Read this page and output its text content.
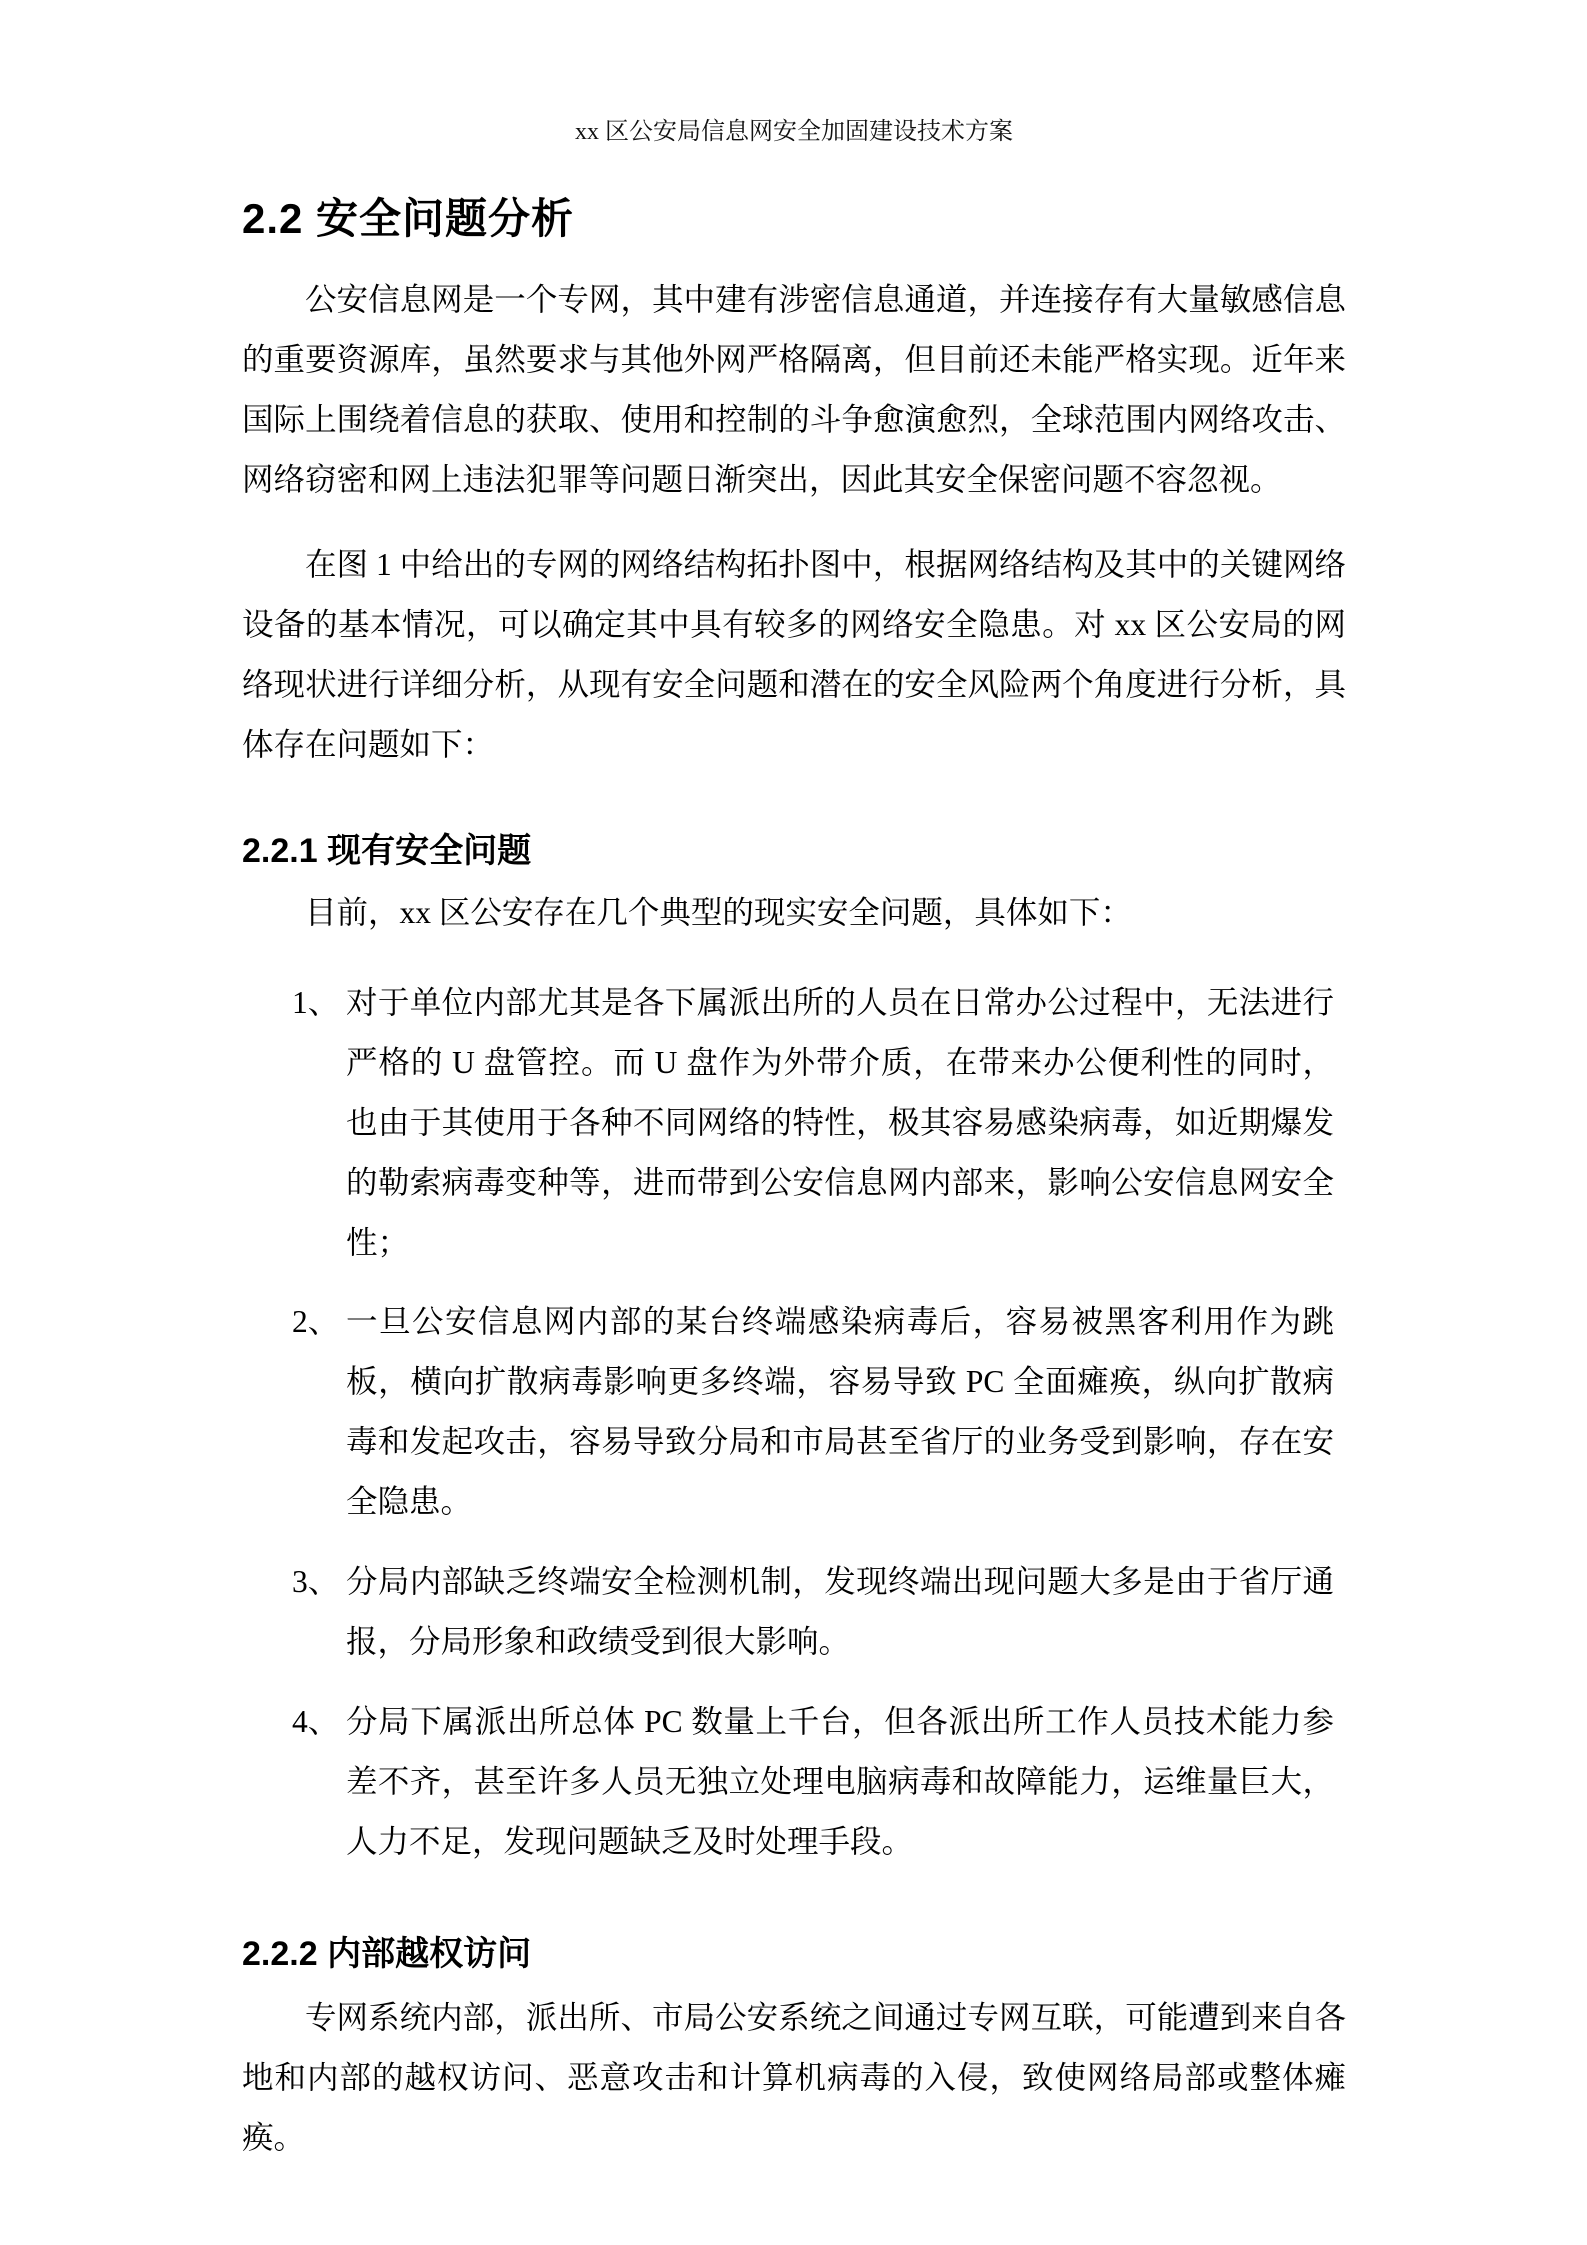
xx 区公安局信息网安全加固建设技术方案
2.2 安全问题分析

公安信息网是一个专网，其中建有涉密信息通道，并连接存有大量敏感信息的重要资源库，虽然要求与其他外网严格隔离，但目前还未能严格实现。近年来国际上围绕着信息的获取、使用和控制的斗争愈演愈烈，全球范围内网络攻击、网络窃密和网上违法犯罪等问题日渐突出，因此其安全保密问题不容忽视。

在图 1 中给出的专网的网络结构拓扑图中，根据网络结构及其中的关键网络设备的基本情况，可以确定其中具有较多的网络安全隐患。对 xx 区公安局的网络现状进行详细分析，从现有安全问题和潜在的安全风险两个角度进行分析，具体存在问题如下：

2.2.1 现有安全问题

目前，xx 区公安存在几个典型的现实安全问题，具体如下：

1、 对于单位内部尤其是各下属派出所的人员在日常办公过程中，无法进行严格的 U 盘管控。而 U 盘作为外带介质，在带来办公便利性的同时，也由于其使用于各种不同网络的特性，极其容易感染病毒，如近期爆发的勒索病毒变种等，进而带到公安信息网内部来，影响公安信息网安全性；
2、 一旦公安信息网内部的某台终端感染病毒后，容易被黑客利用作为跳板，横向扩散病毒影响更多终端，容易导致 PC 全面瘫痪，纵向扩散病毒和发起攻击，容易导致分局和市局甚至省厅的业务受到影响，存在安全隐患。
3、 分局内部缺乏终端安全检测机制，发现终端出现问题大多是由于省厅通报，分局形象和政绩受到很大影响。
4、 分局下属派出所总体 PC 数量上千台，但各派出所工作人员技术能力参差不齐，甚至许多人员无独立处理电脑病毒和故障能力，运维量巨大，人力不足，发现问题缺乏及时处理手段。
2.2.2 内部越权访问

专网系统内部，派出所、市局公安系统之间通过专网互联，可能遭到来自各地和内部的越权访问、恶意攻击和计算机病毒的入侵，致使网络局部或整体瘫痪。
